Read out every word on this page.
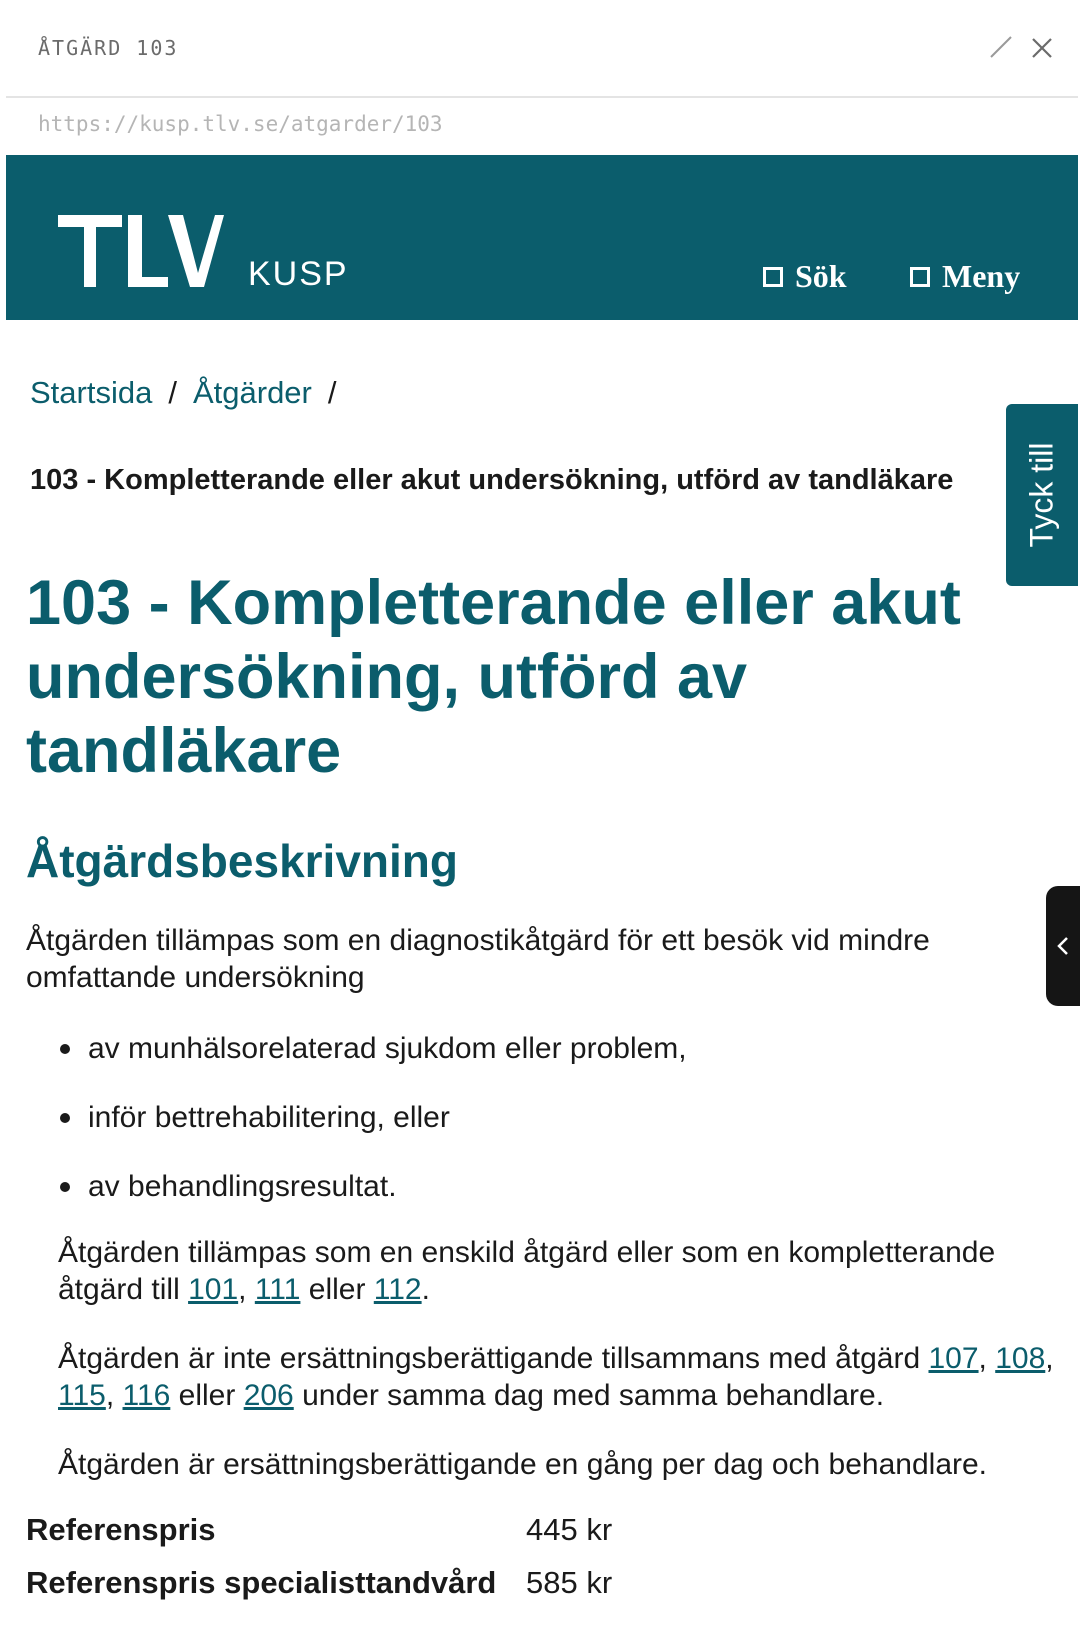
ÅTGÄRD 103
https://kusp.tlv.se/atgarder/103
KUSP	Sök	Meny
Startsida / Åtgärder /
103 - Kompletterande eller akut undersökning, utförd av tandläkare	Tyck till
103 - Kompletterande eller akut undersökning, utförd av tandläkare
Åtgärdsbeskrivning

Åtgärden tillämpas som en diagnostikåtgärd för ett besök vid mindre omfattande undersökning

av munhälsorelaterad sjukdom eller problem,
inför bettrehabilitering, eller
av behandlingsresultat.

Åtgärden tillämpas som en enskild åtgärd eller som en kompletterande åtgärd till 101, 111 eller 112.

Åtgärden är inte ersättningsberättigande tillsammans med åtgärd 107, 108, 115, 116 eller 206 under samma dag med samma behandlare.

Åtgärden är ersättningsberättigande en gång per dag och behandlare.

Referenspris	445 kr
Referenspris specialisttandvård 585 kr
